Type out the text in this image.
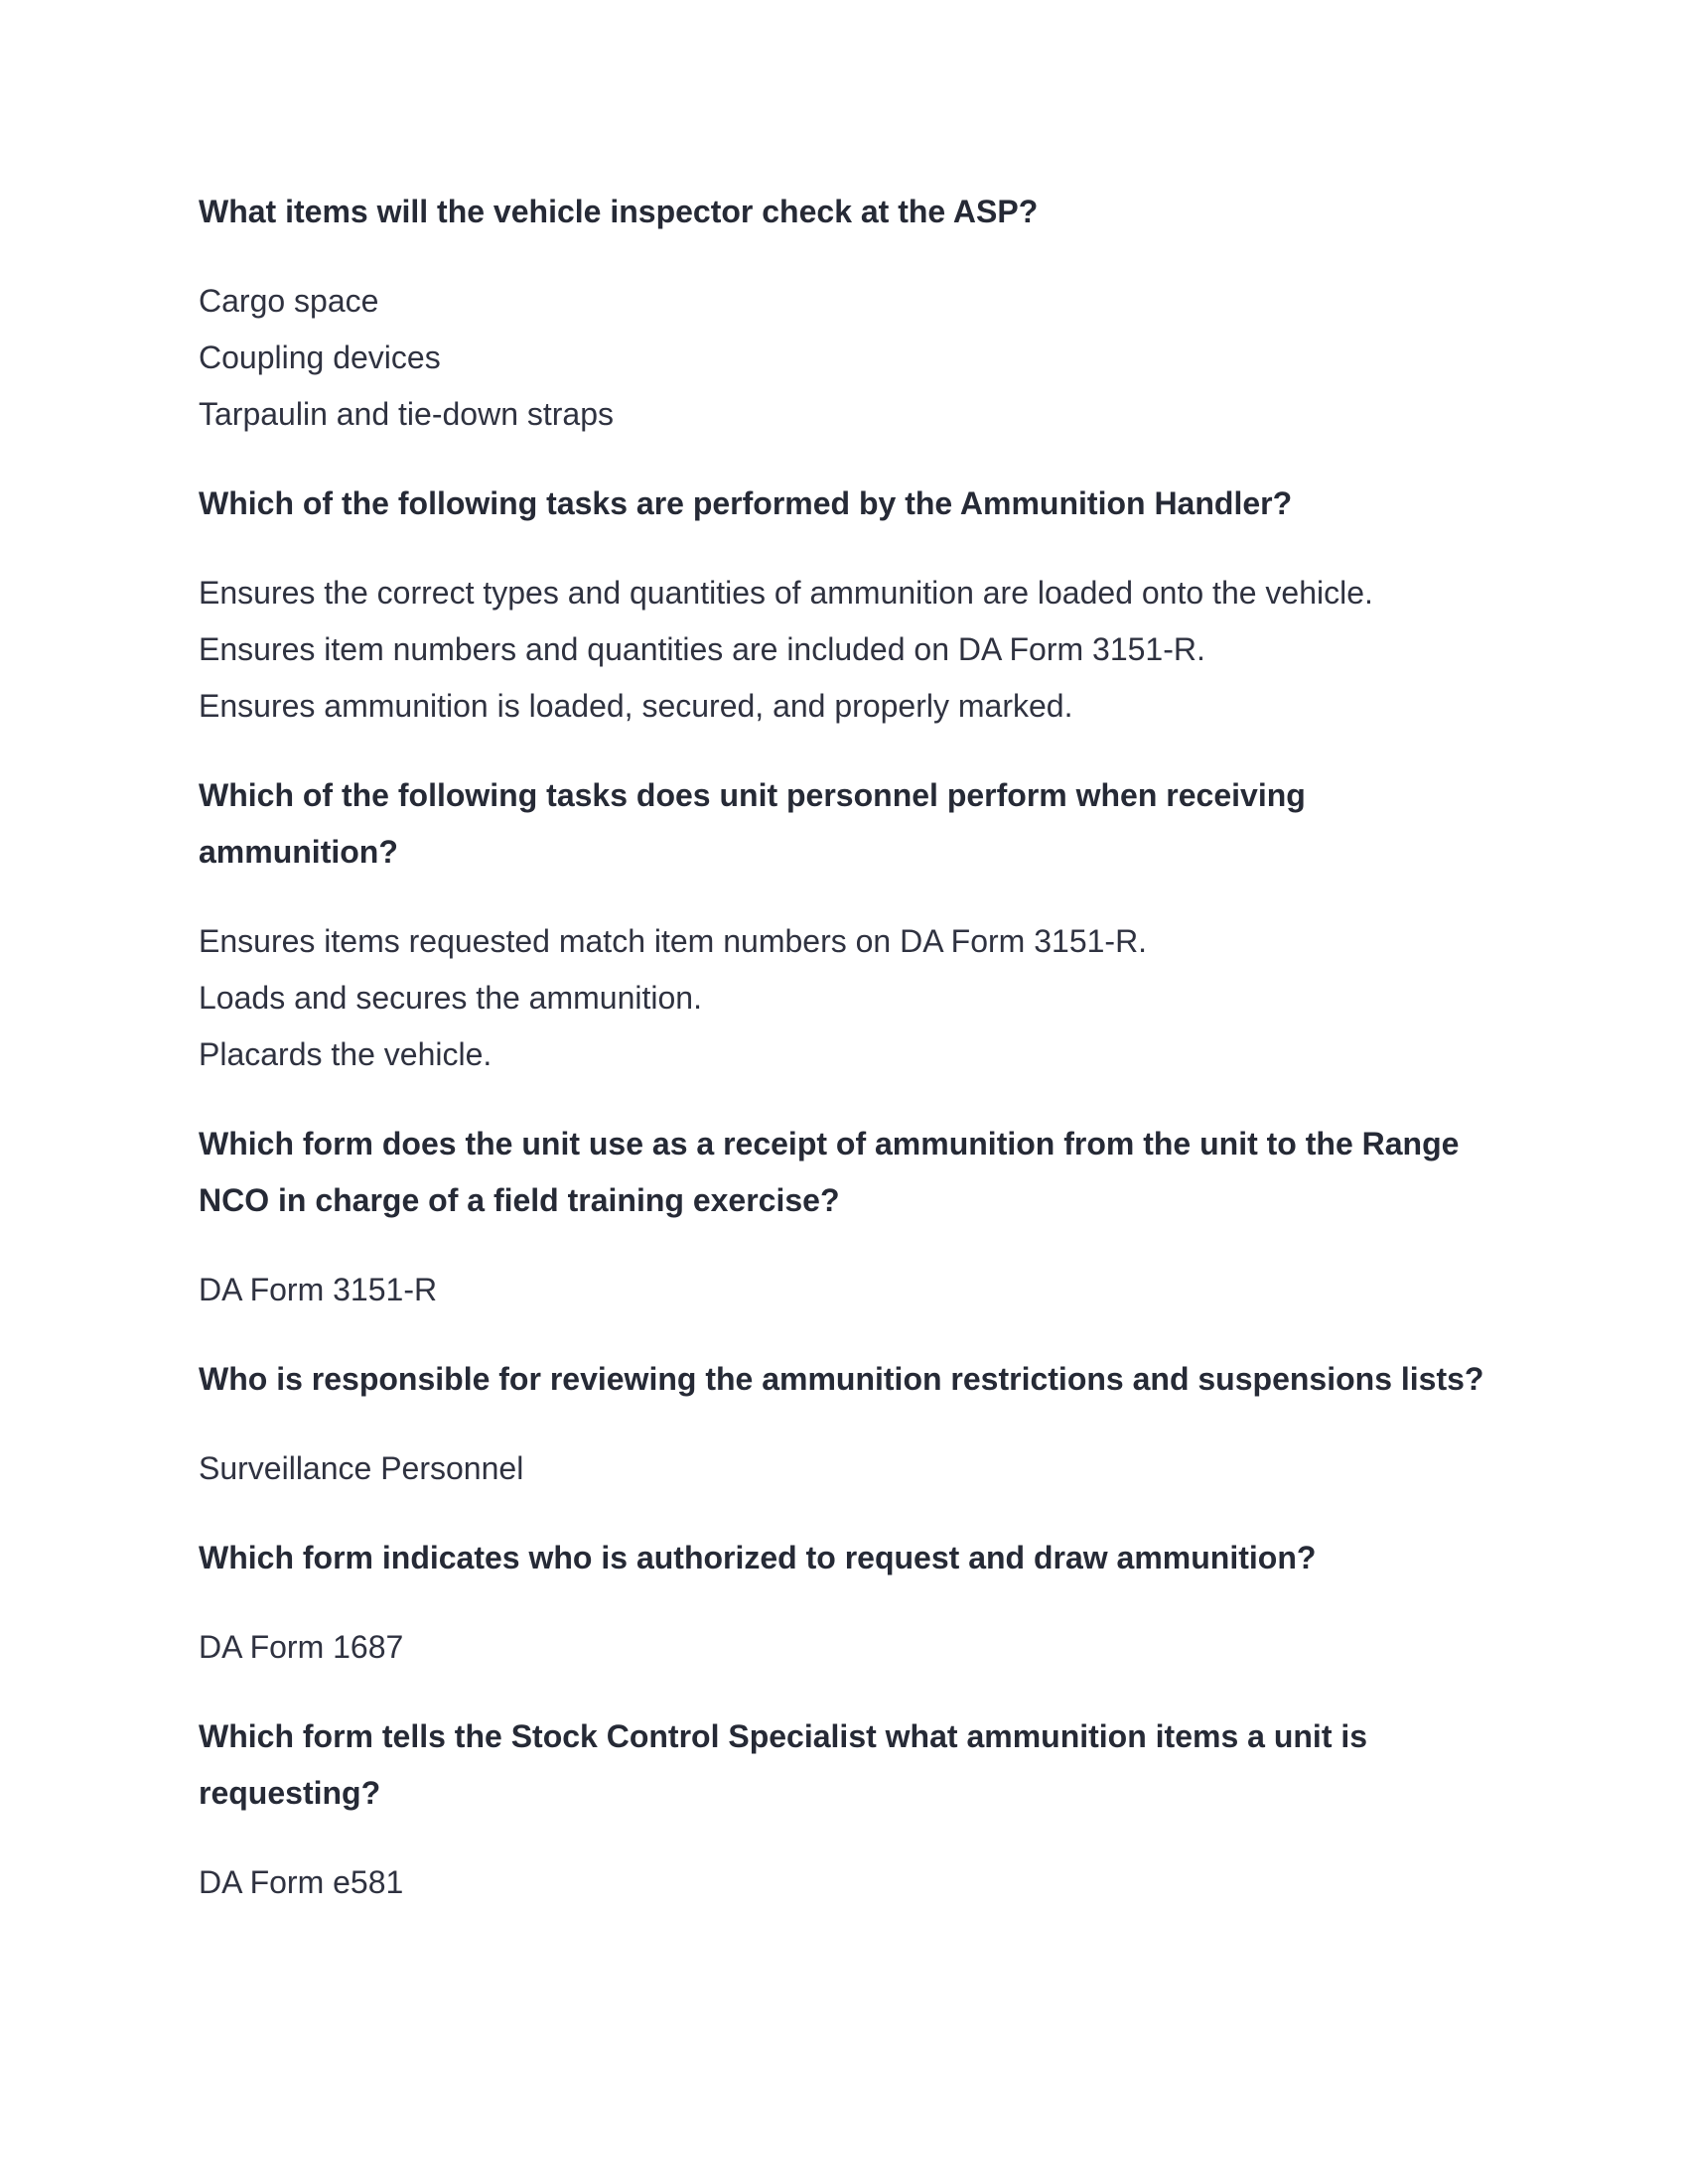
What items will the vehicle inspector check at the ASP?

Cargo space
Coupling devices
Tarpaulin and tie-down straps

Which of the following tasks are performed by the Ammunition Handler?

Ensures the correct types and quantities of ammunition are loaded onto the vehicle.
Ensures item numbers and quantities are included on DA Form 3151-R.
Ensures ammunition is loaded, secured, and properly marked.

Which of the following tasks does unit personnel perform when receiving ammunition?

Ensures items requested match item numbers on DA Form 3151-R.
Loads and secures the ammunition.
Placards the vehicle.

Which form does the unit use as a receipt of ammunition from the unit to the Range NCO in charge of a field training exercise?

DA Form 3151-R

Who is responsible for reviewing the ammunition restrictions and suspensions lists?

Surveillance Personnel

Which form indicates who is authorized to request and draw ammunition?

DA Form 1687

Which form tells the Stock Control Specialist what ammunition items a unit is requesting?

DA Form e581
